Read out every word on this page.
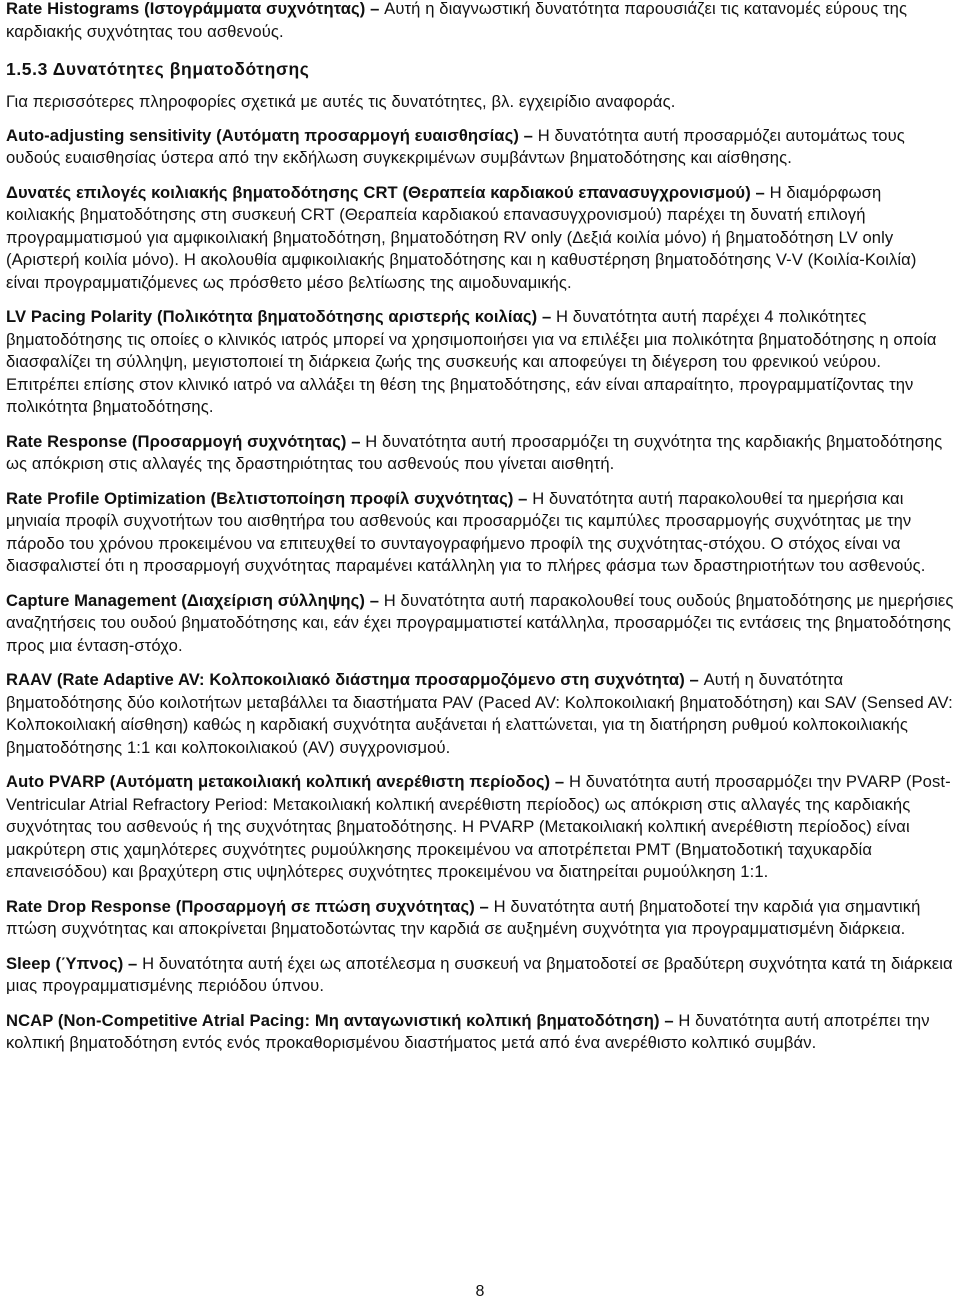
Rate Histograms (Ιστογράμματα συχνότητας) – Αυτή η διαγνωστική δυνατότητα παρουσιάζει τις κατανομές εύρους της καρδιακής συχνότητας του ασθενούς.

1.5.3 Δυνατότητες βηματοδότησης

Για περισσότερες πληροφορίες σχετικά με αυτές τις δυνατότητες, βλ. εγχειρίδιο αναφοράς.

Auto-adjusting sensitivity (Αυτόματη προσαρμογή ευαισθησίας) – Η δυνατότητα αυτή προσαρμόζει αυτομάτως τους ουδούς ευαισθησίας ύστερα από την εκδήλωση συγκεκριμένων συμβάντων βηματοδότησης και αίσθησης.

Δυνατές επιλογές κοιλιακής βηματοδότησης CRT (Θεραπεία καρδιακού επανασυγχρονισμού) – Η διαμόρφωση κοιλιακής βηματοδότησης στη συσκευή CRT (Θεραπεία καρδιακού επανασυγχρονισμού) παρέχει τη δυνατή επιλογή προγραμματισμού για αμφικοιλιακή βηματοδότηση, βηματοδότηση RV only (Δεξιά κοιλία μόνο) ή βηματοδότηση LV only (Αριστερή κοιλία μόνο). Η ακολουθία αμφικοιλιακής βηματοδότησης και η καθυστέρηση βηματοδότησης V-V (Κοιλία-Κοιλία) είναι προγραμματιζόμενες ως πρόσθετο μέσο βελτίωσης της αιμοδυναμικής.

LV Pacing Polarity (Πολικότητα βηματοδότησης αριστερής κοιλίας) – Η δυνατότητα αυτή παρέχει 4 πολικότητες βηματοδότησης τις οποίες ο κλινικός ιατρός μπορεί να χρησιμοποιήσει για να επιλέξει μια πολικότητα βηματοδότησης η οποία διασφαλίζει τη σύλληψη, μεγιστοποιεί τη διάρκεια ζωής της συσκευής και αποφεύγει τη διέγερση του φρενικού νεύρου. Επιτρέπει επίσης στον κλινικό ιατρό να αλλάξει τη θέση της βηματοδότησης, εάν είναι απαραίτητο, προγραμματίζοντας την πολικότητα βηματοδότησης.

Rate Response (Προσαρμογή συχνότητας) – Η δυνατότητα αυτή προσαρμόζει τη συχνότητα της καρδιακής βηματοδότησης ως απόκριση στις αλλαγές της δραστηριότητας του ασθενούς που γίνεται αισθητή.

Rate Profile Optimization (Βελτιστοποίηση προφίλ συχνότητας) – Η δυνατότητα αυτή παρακολουθεί τα ημερήσια και μηνιαία προφίλ συχνοτήτων του αισθητήρα του ασθενούς και προσαρμόζει τις καμπύλες προσαρμογής συχνότητας με την πάροδο του χρόνου προκειμένου να επιτευχθεί το συνταγογραφήμενο προφίλ της συχνότητας-στόχου. Ο στόχος είναι να διασφαλιστεί ότι η προσαρμογή συχνότητας παραμένει κατάλληλη για το πλήρες φάσμα των δραστηριοτήτων του ασθενούς.

Capture Management (Διαχείριση σύλληψης) – Η δυνατότητα αυτή παρακολουθεί τους ουδούς βηματοδότησης με ημερήσιες αναζητήσεις του ουδού βηματοδότησης και, εάν έχει προγραμματιστεί κατάλληλα, προσαρμόζει τις εντάσεις της βηματοδότησης προς μια ένταση-στόχο.

RAAV (Rate Adaptive AV: Κολποκοιλιακό διάστημα προσαρμοζόμενο στη συχνότητα) – Αυτή η δυνατότητα βηματοδότησης δύο κοιλοτήτων μεταβάλλει τα διαστήματα PAV (Paced AV: Κολποκοιλιακή βηματοδότηση) και SAV (Sensed AV: Κολποκοιλιακή αίσθηση) καθώς η καρδιακή συχνότητα αυξάνεται ή ελαττώνεται, για τη διατήρηση ρυθμού κολποκοιλιακής βηματοδότησης 1:1 και κολποκοιλιακού (AV) συγχρονισμού.

Auto PVARP (Αυτόματη μετακοιλιακή κολπική ανερέθιστη περίοδος) – Η δυνατότητα αυτή προσαρμόζει την PVARP (Post-Ventricular Atrial Refractory Period: Μετακοιλιακή κολπική ανερέθιστη περίοδος) ως απόκριση στις αλλαγές της καρδιακής συχνότητας του ασθενούς ή της συχνότητας βηματοδότησης. Η PVARP (Μετακοιλιακή κολπική ανερέθιστη περίοδος) είναι μακρύτερη στις χαμηλότερες συχνότητες ρυμούλκησης προκειμένου να αποτρέπεται PMT (Βηματοδοτική ταχυκαρδία επανεισόδου) και βραχύτερη στις υψηλότερες συχνότητες προκειμένου να διατηρείται ρυμούλκηση 1:1.

Rate Drop Response (Προσαρμογή σε πτώση συχνότητας) – Η δυνατότητα αυτή βηματοδοτεί την καρδιά για σημαντική πτώση συχνότητας και αποκρίνεται βηματοδοτώντας την καρδιά σε αυξημένη συχνότητα για προγραμματισμένη διάρκεια.

Sleep (Ύπνος) – Η δυνατότητα αυτή έχει ως αποτέλεσμα η συσκευή να βηματοδοτεί σε βραδύτερη συχνότητα κατά τη διάρκεια μιας προγραμματισμένης περιόδου ύπνου.

NCAP (Non-Competitive Atrial Pacing: Μη ανταγωνιστική κολπική βηματοδότηση) – Η δυνατότητα αυτή αποτρέπει την κολπική βηματοδότηση εντός ενός προκαθορισμένου διαστήματος μετά από ένα ανερέθιστο κολπικό συμβάν.

8
